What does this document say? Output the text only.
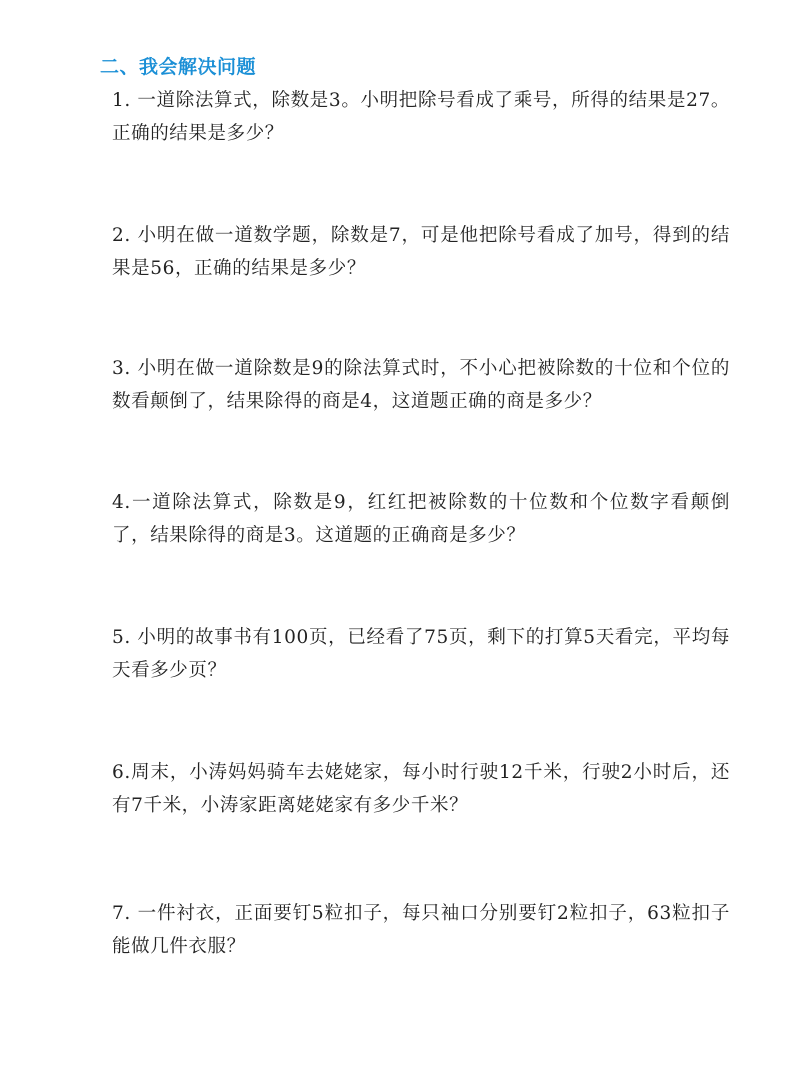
二、我会解决问题

1. 一道除法算式，除数是3。小明把除号看成了乘号，所得的结果是27。正确的结果是多少？

2. 小明在做一道数学题，除数是7，可是他把除号看成了加号，得到的结果是56，正确的结果是多少？

3. 小明在做一道除数是9的除法算式时，不小心把被除数的十位和个位的数看颠倒了，结果除得的商是4，这道题正确的商是多少？

4.一道除法算式，除数是9，红红把被除数的十位数和个位数字看颠倒了，结果除得的商是3。这道题的正确商是多少？

5. 小明的故事书有100页，已经看了75页，剩下的打算5天看完，平均每天看多少页？

6.周末，小涛妈妈骑车去姥姥家，每小时行驶12千米，行驶2小时后，还有7千米，小涛家距离姥姥家有多少千米？

7. 一件衬衣，正面要钉5粒扣子，每只袖口分别要钉2粒扣子，63粒扣子能做几件衣服？
